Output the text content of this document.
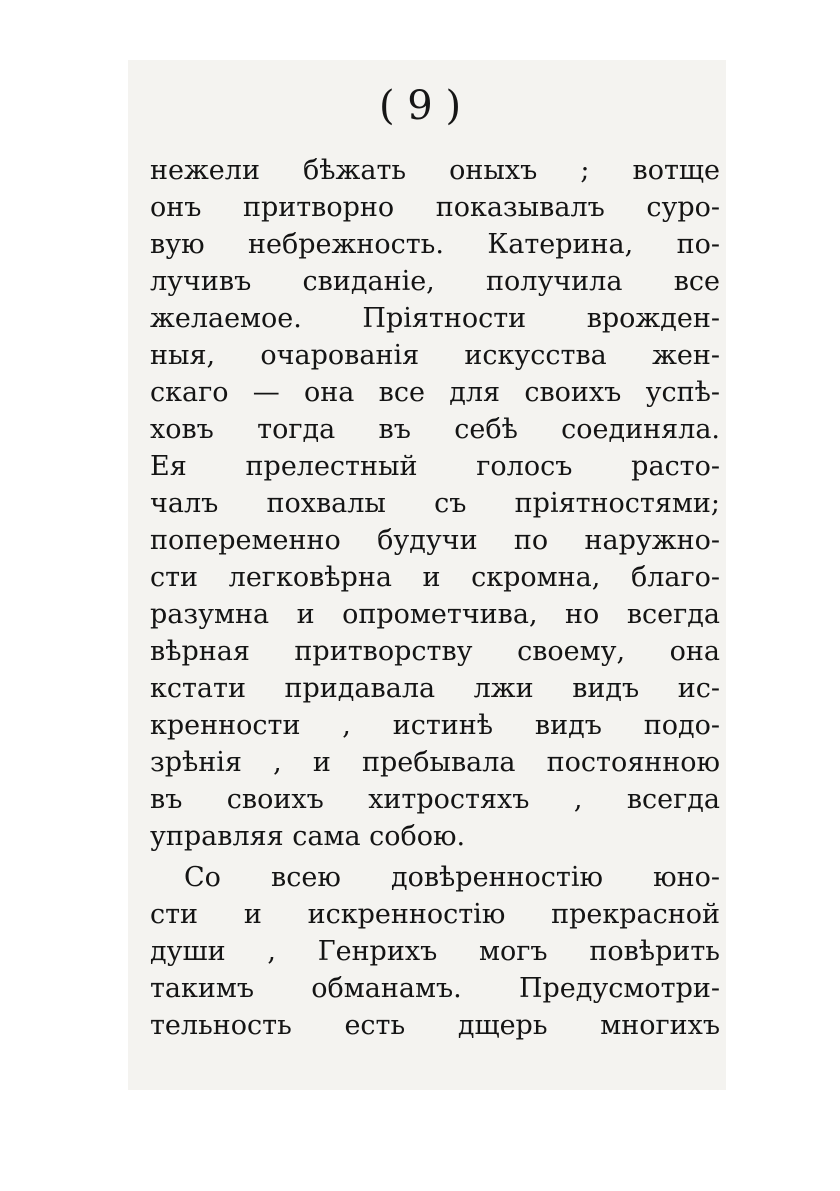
( 9 )
нежели бѣжать оныхъ ; вотще
онъ притворно показывалъ суро-
вую небрежность. Катерина, по-
лучивъ свиданiе, получила все
желаемое. Прiятности врожден-
ныя, очарованiя искусства жен-
скаго — она все для своихъ успѣ-
ховъ тогда въ себѣ соединяла.
Ея прелестный голосъ расто-
чалъ похвалы съ прiятностями;
попеременно будучи по наружно-
сти легковѣрна и скромна, благо-
разумна и опрометчива, но всегда
вѣрная притворству своему, она
кстати придавала лжи видъ ис-
кренности , истинѣ видъ подо-
зрѣнiя , и пребывала постоянною
въ своихъ хитростяхъ , всегда
управляя сама собою.
Со всею довѣренностiю юно-
сти и искренностiю прекрасной
души , Генрихъ могъ повѣрить
такимъ обманамъ. Предусмотри-
тельность есть дщерь многихъ
